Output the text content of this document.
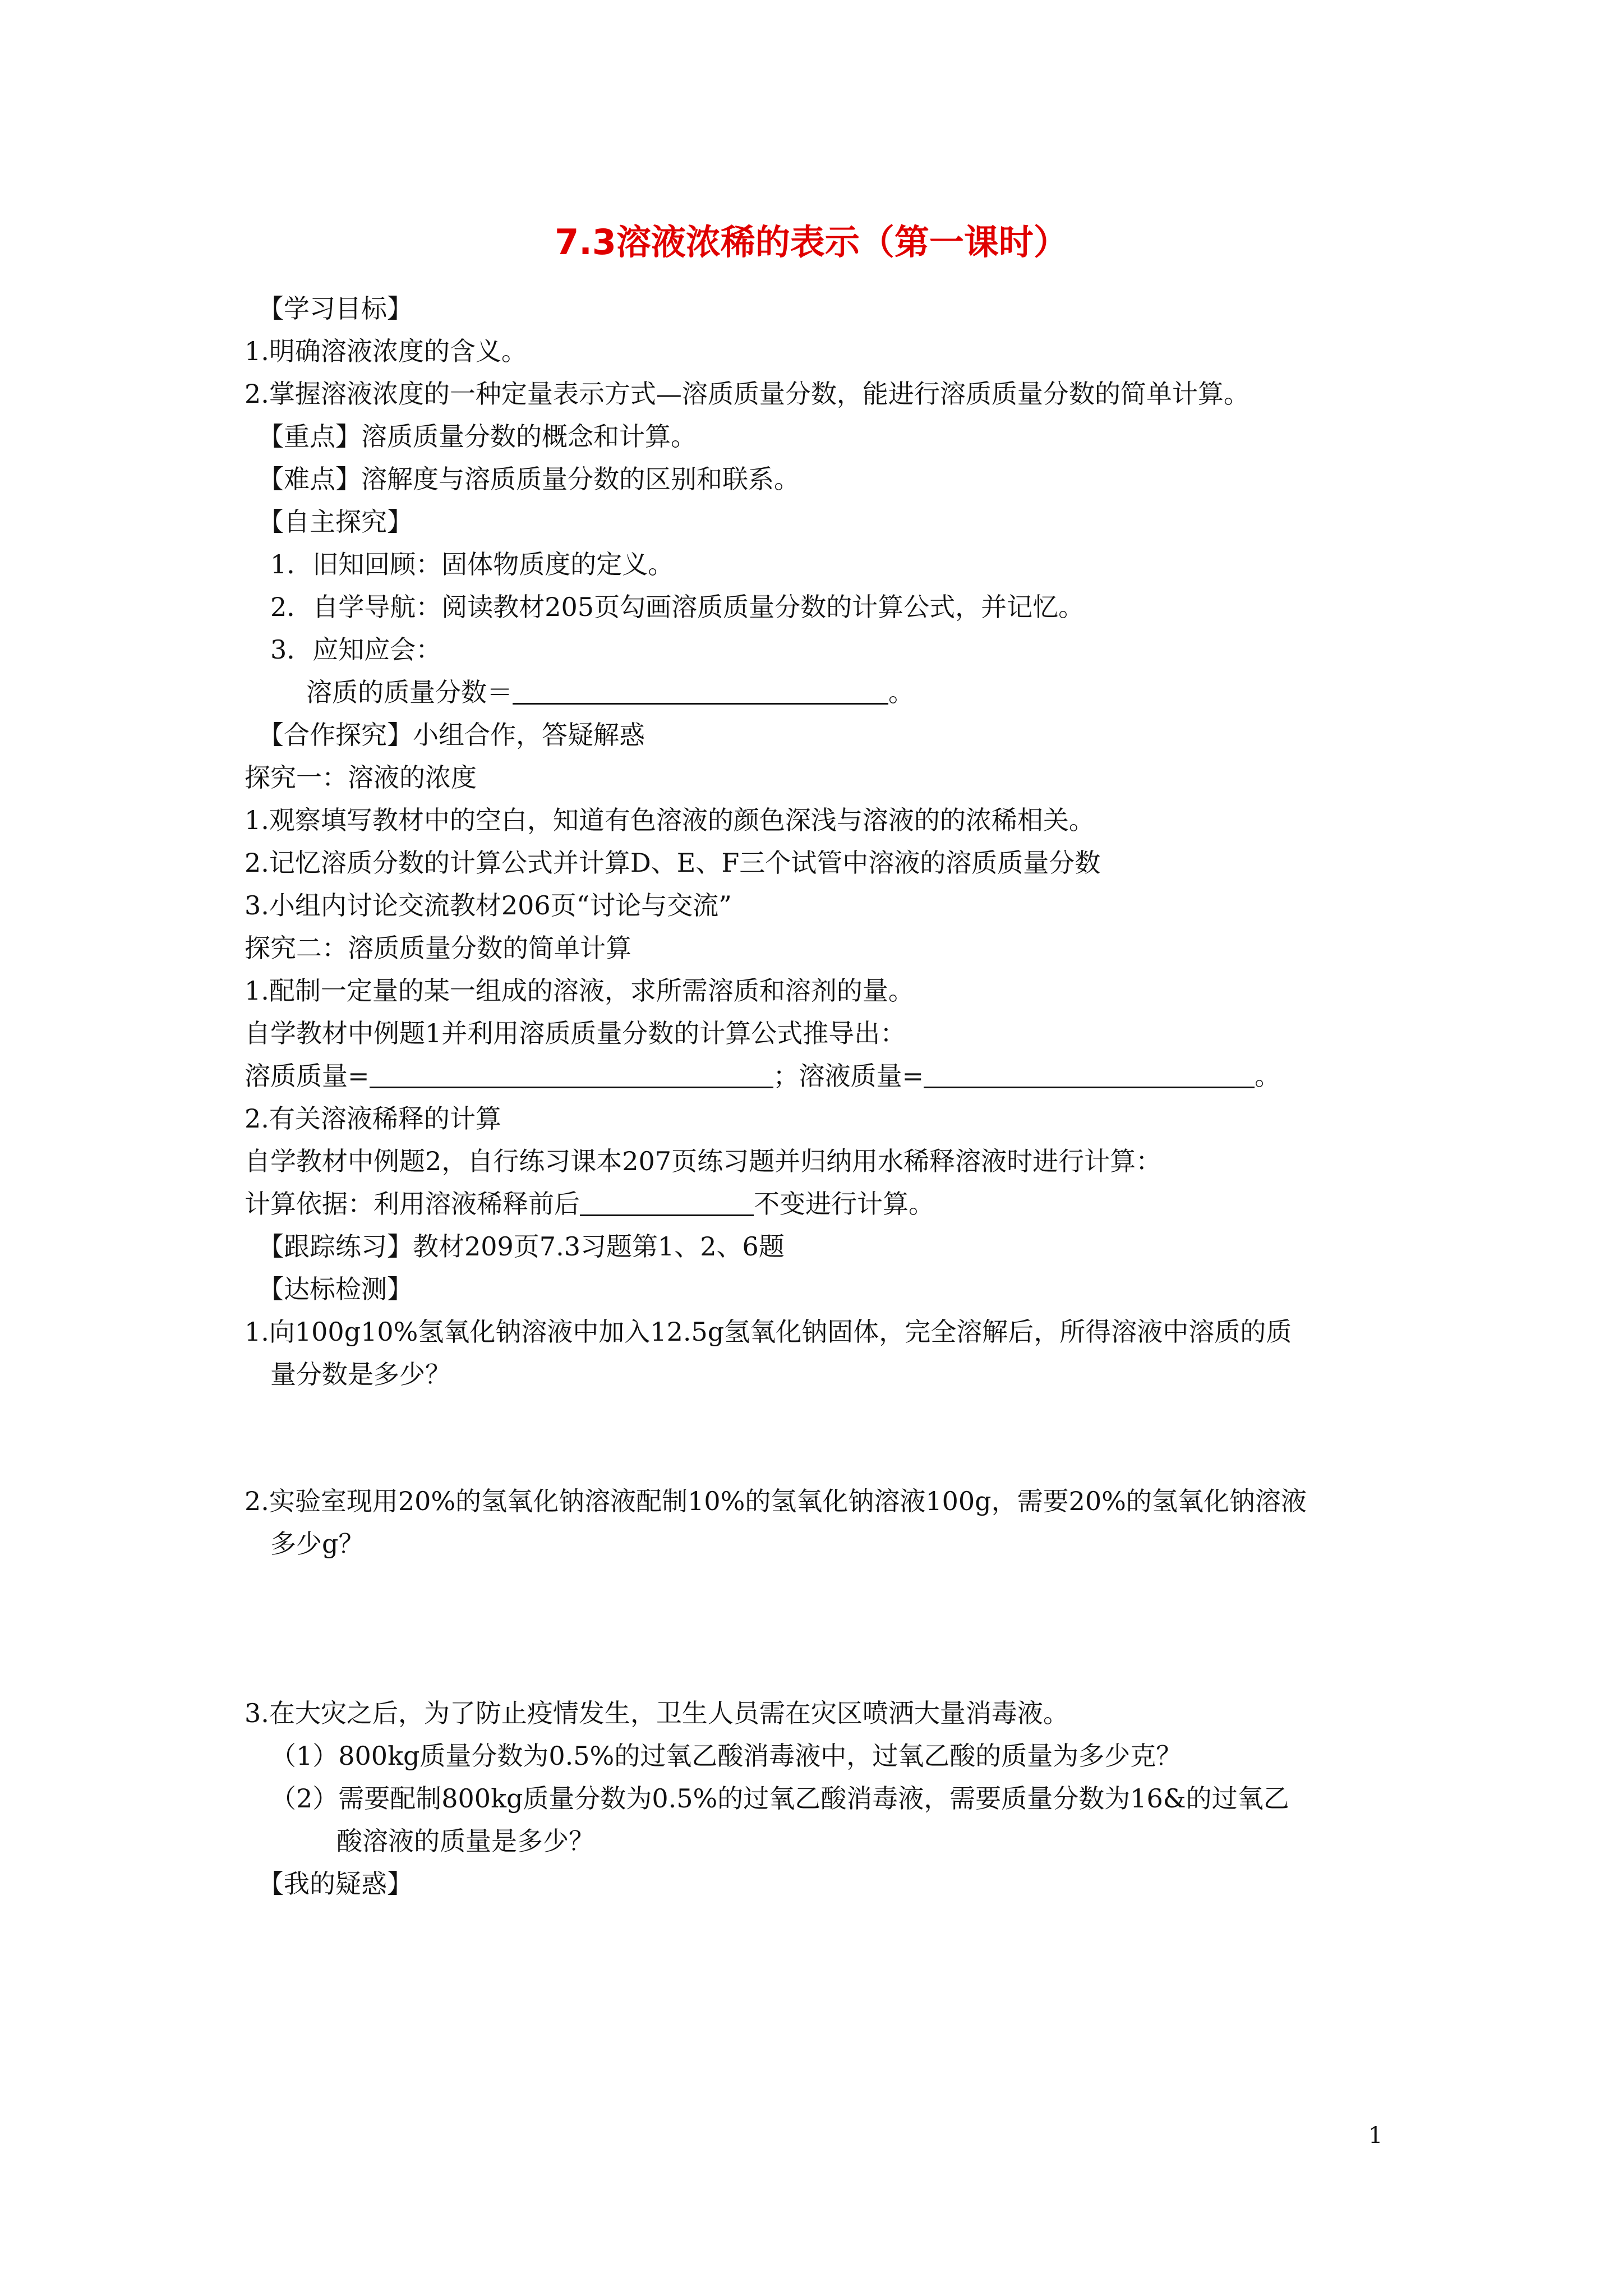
7.3溶液浓稀的表示（第一课时）
【学习目标】
1.明确溶液浓度的含义。
2.掌握溶液浓度的一种定量表示方式—溶质质量分数，能进行溶质质量分数的简单计算。
【重点】溶质质量分数的概念和计算。
【难点】溶解度与溶质质量分数的区别和联系。
【自主探究】
1．旧知回顾：固体物质度的定义。
2．自学导航：阅读教材205页勾画溶质质量分数的计算公式，并记忆。
3．应知应会：
溶质的质量分数＝	。
【合作探究】小组合作，答疑解惑
探究一：溶液的浓度
1.观察填写教材中的空白，知道有色溶液的颜色深浅与溶液的的浓稀相关。
2.记忆溶质分数的计算公式并计算D、E、F三个试管中溶液的溶质质量分数
3.小组内讨论交流教材206页“讨论与交流”
探究二：溶质质量分数的简单计算
1.配制一定量的某一组成的溶液，求所需溶质和溶剂的量。
自学教材中例题1并利用溶质质量分数的计算公式推导出：
溶质质量=	；溶液质量=	。
2.有关溶液稀释的计算
自学教材中例题2，自行练习课本207页练习题并归纳用水稀释溶液时进行计算：
计算依据：利用溶液稀释前后	不变进行计算。
【跟踪练习】教材209页7.3习题第1、2、6题
【达标检测】
1.向100g10%氢氧化钠溶液中加入12.5g氢氧化钠固体，完全溶解后，所得溶液中溶质的质
量分数是多少？
2.实验室现用20%的氢氧化钠溶液配制10%的氢氧化钠溶液100g，需要20%的氢氧化钠溶液
多少g？
3.在大灾之后，为了防止疫情发生，卫生人员需在灾区喷洒大量消毒液。
（1）800kg质量分数为0.5%的过氧乙酸消毒液中，过氧乙酸的质量为多少克？
（2）需要配制800kg质量分数为0.5%的过氧乙酸消毒液，需要质量分数为16&的过氧乙
酸溶液的质量是多少？
【我的疑惑】
1
